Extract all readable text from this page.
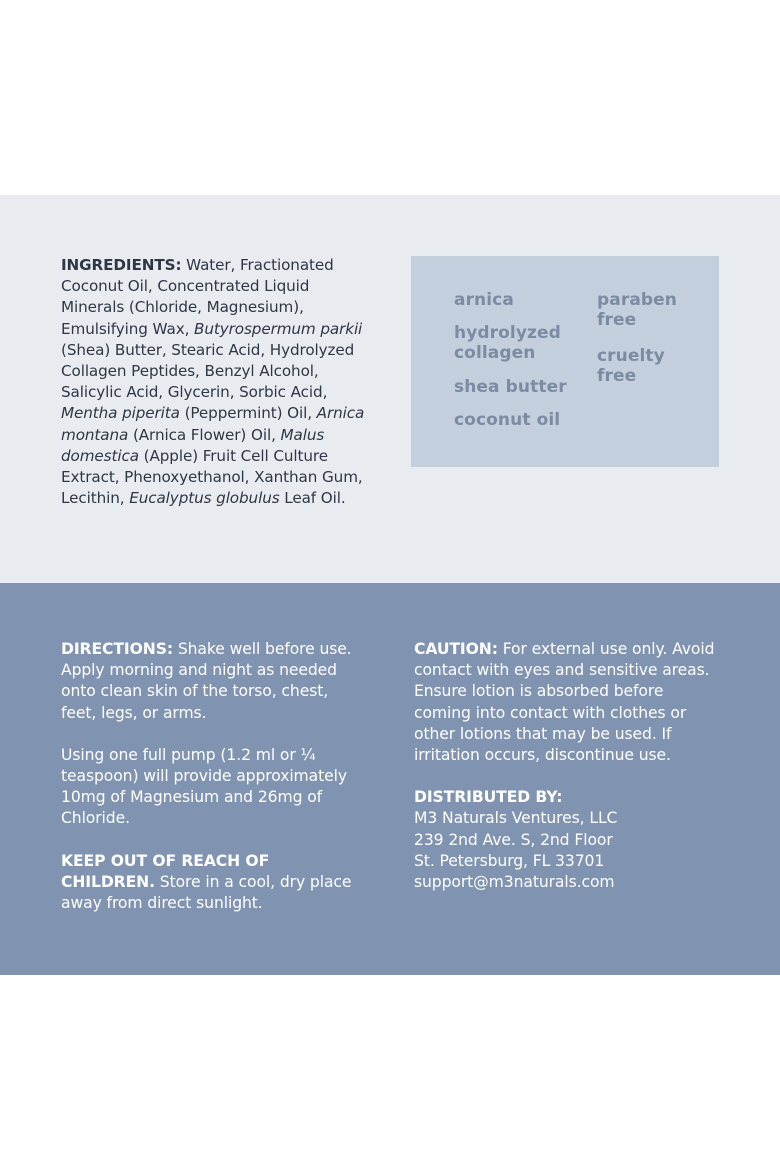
INGREDIENTS: Water, Fractionated Coconut Oil, Concentrated Liquid Minerals (Chloride, Magnesium), Emulsifying Wax, Butyrospermum parkii (Shea) Butter, Stearic Acid, Hydrolyzed Collagen Peptides, Benzyl Alcohol, Salicylic Acid, Glycerin, Sorbic Acid, Mentha piperita (Peppermint) Oil, Arnica montana (Arnica Flower) Oil, Malus domestica (Apple) Fruit Cell Culture Extract, Phenoxyethanol, Xanthan Gum, Lecithin, Eucalyptus globulus Leaf Oil.

arnica
hydrolyzed collagen
shea butter
coconut oil
paraben free
cruelty free

DIRECTIONS: Shake well before use. Apply morning and night as needed onto clean skin of the torso, chest, feet, legs, or arms.

Using one full pump (1.2 ml or ¼ teaspoon) will provide approximately 10mg of Magnesium and 26mg of Chloride.

KEEP OUT OF REACH OF CHILDREN. Store in a cool, dry place away from direct sunlight.

CAUTION: For external use only. Avoid contact with eyes and sensitive areas. Ensure lotion is absorbed before coming into contact with clothes or other lotions that may be used. If irritation occurs, discontinue use.

DISTRIBUTED BY:

M3 Naturals Ventures, LLC
239 2nd Ave. S, 2nd Floor
St. Petersburg, FL 33701
support@m3naturals.com
